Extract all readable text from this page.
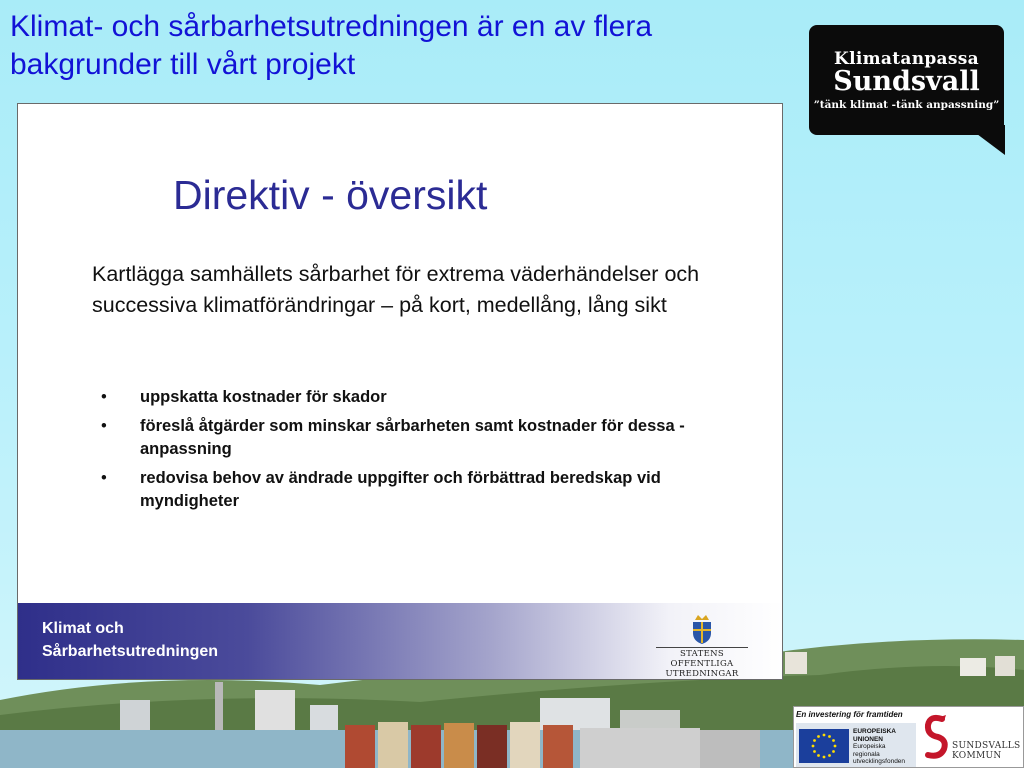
Klimat- och sårbarhetsutredningen är en av flera bakgrunder till vårt projekt	Klimatanpassa
Sundsvall
”tänk klimat -tänk anpassning”
Direktiv - översikt

Kartlägga samhällets sårbarhet för extrema väderhändelser och successiva klimatförändringar – på kort, medellång, lång sikt

• uppskatta kostnader för skador
• föreslå åtgärder som minskar sårbarheten samt kostnader för dessa - anpassning
• redovisa behov av ändrade uppgifter och förbättrad beredskap vid myndigheter

Klimat och
Sårbarhetsutredningen	STATENS OFFENTLIGA
UTREDNINGAR
En investering för framtiden
EUROPEISKA
UNIONEN
Europeiska
regionala
utvecklingsfonden
SUNDSVALLS
KOMMUN
